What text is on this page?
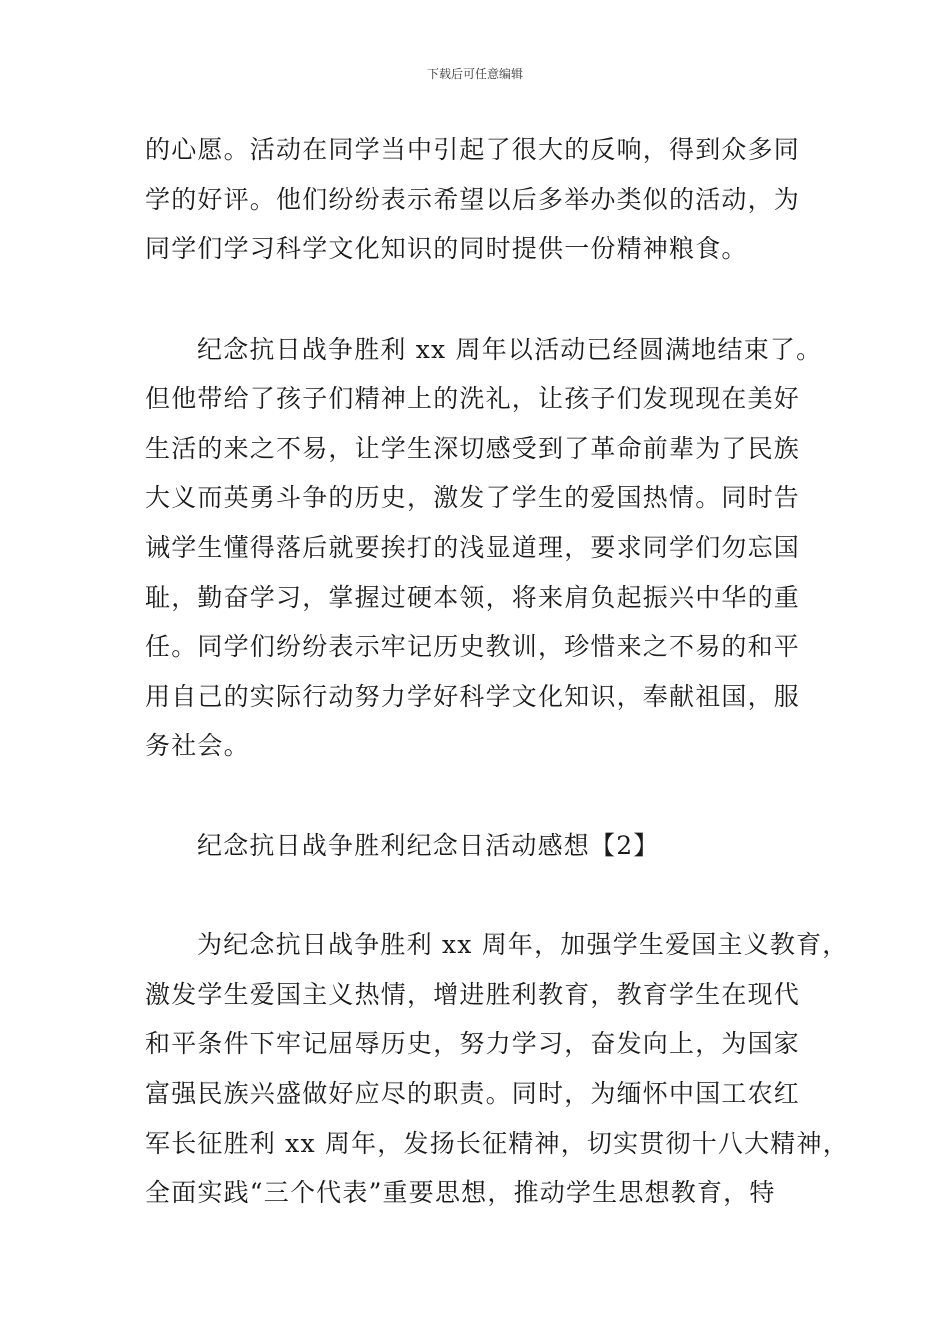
下载后可任意编辑
的心愿。活动在同学当中引起了很大的反响，得到众多同
学的好评。他们纷纷表示希望以后多举办类似的活动，为
同学们学习科学文化知识的同时提供一份精神粮食。
纪念抗日战争胜利 xx 周年以活动已经圆满地结束了。
但他带给了孩子们精神上的洗礼，让孩子们发现现在美好
生活的来之不易，让学生深切感受到了革命前辈为了民族
大义而英勇斗争的历史，激发了学生的爱国热情。同时告
诫学生懂得落后就要挨打的浅显道理，要求同学们勿忘国
耻，勤奋学习，掌握过硬本领，将来肩负起振兴中华的重
任。同学们纷纷表示牢记历史教训，珍惜来之不易的和平
用自己的实际行动努力学好科学文化知识，奉献祖国，服
务社会。
纪念抗日战争胜利纪念日活动感想【2】
为纪念抗日战争胜利 xx 周年，加强学生爱国主义教育，
激发学生爱国主义热情，增进胜利教育，教育学生在现代
和平条件下牢记屈辱历史，努力学习，奋发向上，为国家
富强民族兴盛做好应尽的职责。同时，为缅怀中国工农红
军长征胜利 xx 周年，发扬长征精神，切实贯彻十八大精神，
全面实践“三个代表”重要思想，推动学生思想教育，特
